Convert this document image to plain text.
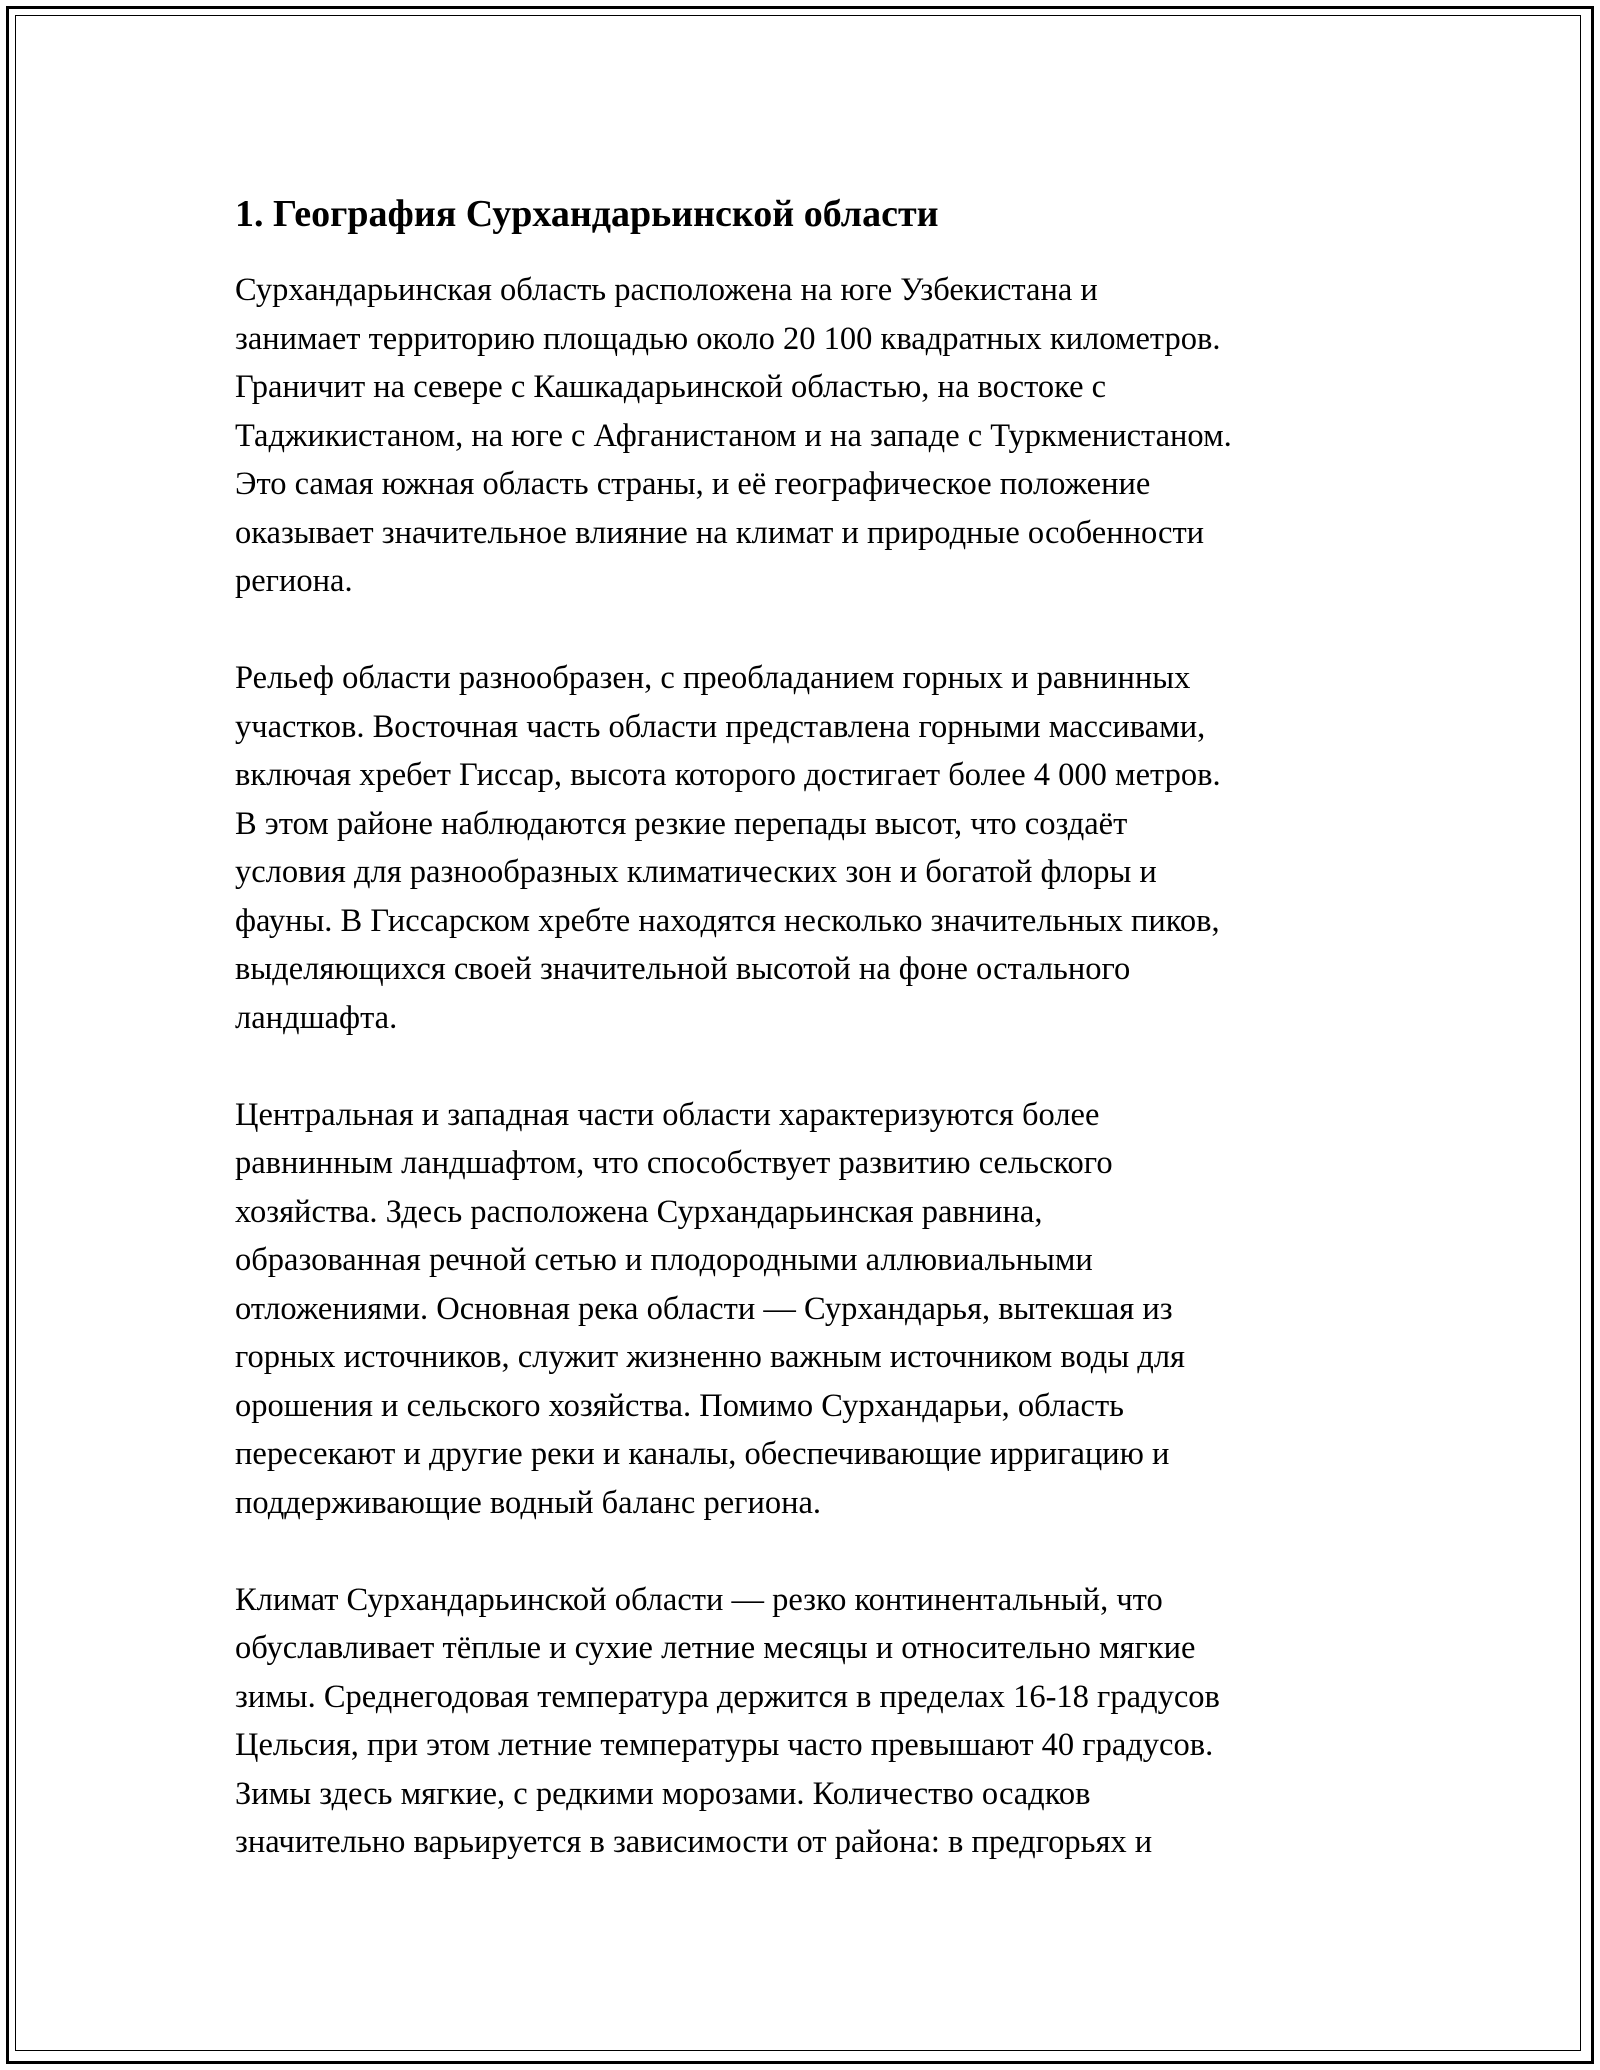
1. География Сурхандарьинской области

Сурхандарьинская область расположена на юге Узбекистана и
занимает территорию площадью около 20 100 квадратных километров.
Граничит на севере с Кашкадарьинской областью, на востоке с
Таджикистаном, на юге с Афганистаном и на западе с Туркменистаном.
Это самая южная область страны, и её географическое положение
оказывает значительное влияние на климат и природные особенности
региона.

Рельеф области разнообразен, с преобладанием горных и равнинных
участков. Восточная часть области представлена горными массивами,
включая хребет Гиссар, высота которого достигает более 4 000 метров.
В этом районе наблюдаются резкие перепады высот, что создаёт
условия для разнообразных климатических зон и богатой флоры и
фауны. В Гиссарском хребте находятся несколько значительных пиков,
выделяющихся своей значительной высотой на фоне остального
ландшафта.

Центральная и западная части области характеризуются более
равнинным ландшафтом, что способствует развитию сельского
хозяйства. Здесь расположена Сурхандарьинская равнина,
образованная речной сетью и плодородными аллювиальными
отложениями. Основная река области — Сурхандарья, вытекшая из
горных источников, служит жизненно важным источником воды для
орошения и сельского хозяйства. Помимо Сурхандарьи, область
пересекают и другие реки и каналы, обеспечивающие ирригацию и
поддерживающие водный баланс региона.

Климат Сурхандарьинской области — резко континентальный, что
обуславливает тёплые и сухие летние месяцы и относительно мягкие
зимы. Среднегодовая температура держится в пределах 16-18 градусов
Цельсия, при этом летние температуры часто превышают 40 градусов.
Зимы здесь мягкие, с редкими морозами. Количество осадков
значительно варьируется в зависимости от района: в предгорьях и
